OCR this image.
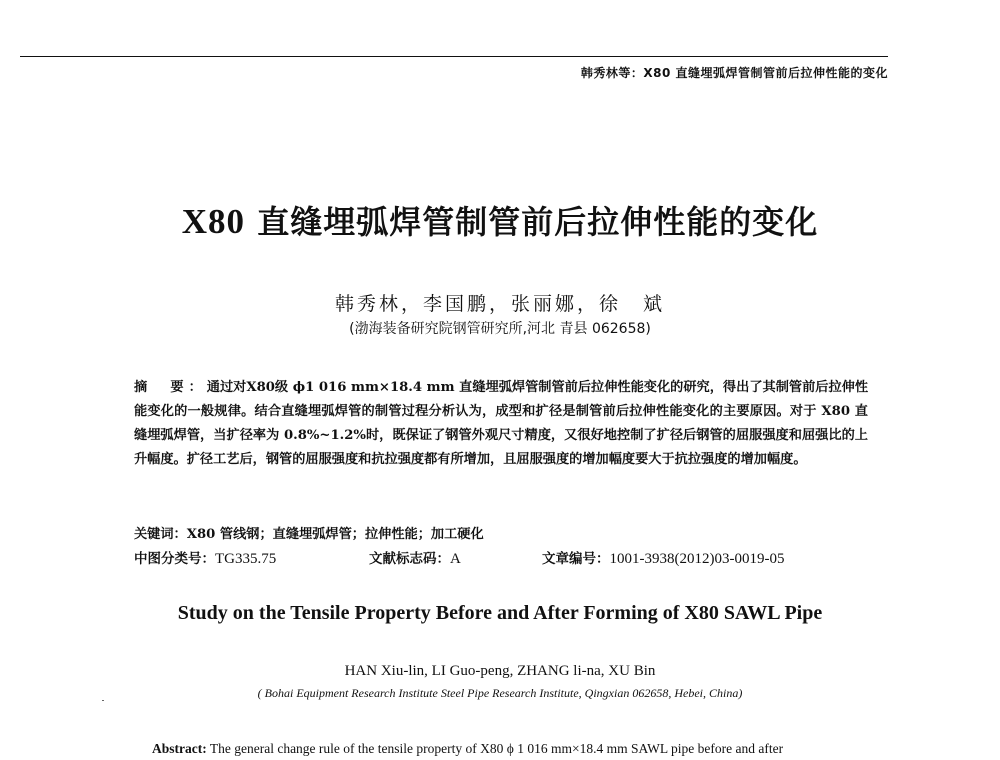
韩秀林等：X80 直缝埋弧焊管制管前后拉伸性能的变化
X80 直缝埋弧焊管制管前后拉伸性能的变化
韩秀林，李国鹏，张丽娜，徐　斌
(渤海装备研究院钢管研究所,河北 青县 062658)
摘　要：通过对X80级 ϕ1 016 mm×18.4 mm 直缝埋弧焊管制管前后拉伸性能变化的研究，得出了其制管前后拉伸性能变化的一般规律。结合直缝埋弧焊管的制管过程分析认为，成型和扩径是制管前后拉伸性能变化的主要原因。对于 X80 直缝埋弧焊管，当扩径率为 0.8%~1.2%时，既保证了钢管外观尺寸精度，又很好地控制了扩径后钢管的屈服强度和屈强比的上升幅度。扩径工艺后，钢管的屈服强度和抗拉强度都有所增加，且屈服强度的增加幅度要大于抗拉强度的增加幅度。
关键词：X80 管线钢；直缝埋弧焊管；拉伸性能；加工硬化
中图分类号：TG335.75	文献标志码：A	文章编号：1001-3938(2012)03-0019-05
Study on the Tensile Property Before and After Forming of X80 SAWL Pipe
HAN Xiu-lin, LI Guo-peng, ZHANG li-na, XU Bin
( Bohai Equipment Research Institute Steel Pipe Research Institute, Qingxian 062658, Hebei, China)
Abstract: The general change rule of the tensile property of X80 ϕ 1 016 mm×18.4 mm SAWL pipe before and after
